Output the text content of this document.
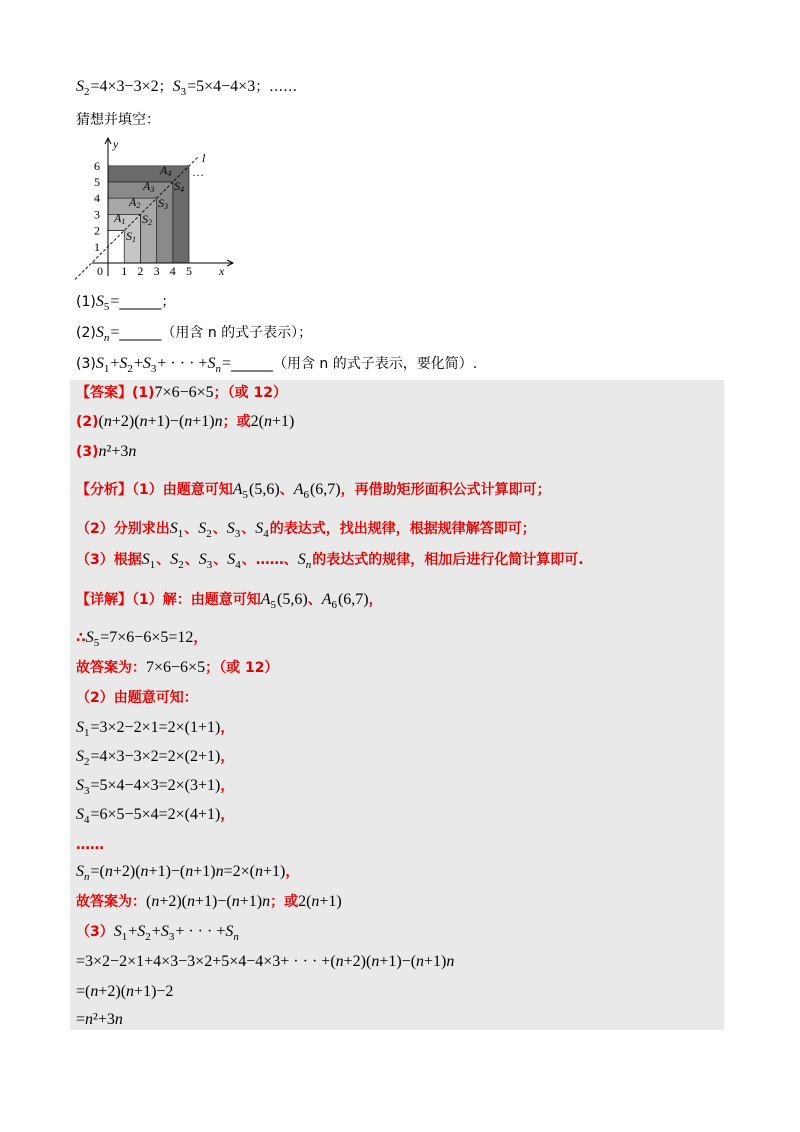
$S_2=4\times 3-3\times 2$；$S_3=5\times 4-4\times 3$；……
猜想并填空：
y
x
0 1 2 3 4 5
1
2
3
4
5
6
l
…
A1
A2
A3
A4
S1
S2
S3
S4
$(1)S_5=\_\_\_\_\_\_$；
$(2)S_n=\_\_\_\_\_\_$（用含 n 的式子表示）；
$(3)S_1+S_2+S_3+$ · · · $+S_n=\_\_\_\_\_\_$（用含 n 的式子表示，要化简）.
【答案】(1)7×6−6×5；（或 12）
(2)(n+2)(n+1)−(n+1)n；或2(n+1)
(3)n²+3n
【分析】（1）由题意可知$A_5(5,6)$、$A_6(6,7)$，再借助矩形面积公式计算即可；
（2）分别求出$S_1$、$S_2$、$S_3$、$S_4$的表达式，找出规律，根据规律解答即可；
（3）根据$S_1$、$S_2$、$S_3$、$S_4$、……、$S_n$的表达式的规律，相加后进行化简计算即可.
【详解】（1）解：由题意可知$A_5(5,6)$、$A_6(6,7)$，
$\therefore S_5=7\times 6-6\times 5=12$，
故答案为：7×6−6×5；（或 12）
（2）由题意可知：
$S_1=3\times 2-2\times 1=2\times(1+1)$，
$S_2=4\times 3-3\times 2=2\times(2+1)$，
$S_3=5\times 4-4\times 3=2\times(3+1)$，
$S_4=6\times 5-5\times 4=2\times(4+1)$，
……
$S_n=(n+2)(n+1)-(n+1)n=2\times(n+1)$，
故答案为：(n+2)(n+1)−(n+1)n；或2(n+1)
$(3)S_1+S_2+S_3+$ · · · $+S_n$
=3×2−2×1+4×3−3×2+5×4−4×3+ · · · +(n+2)(n+1)−(n+1)n
=(n+2)(n+1)−2
=n²+3n
